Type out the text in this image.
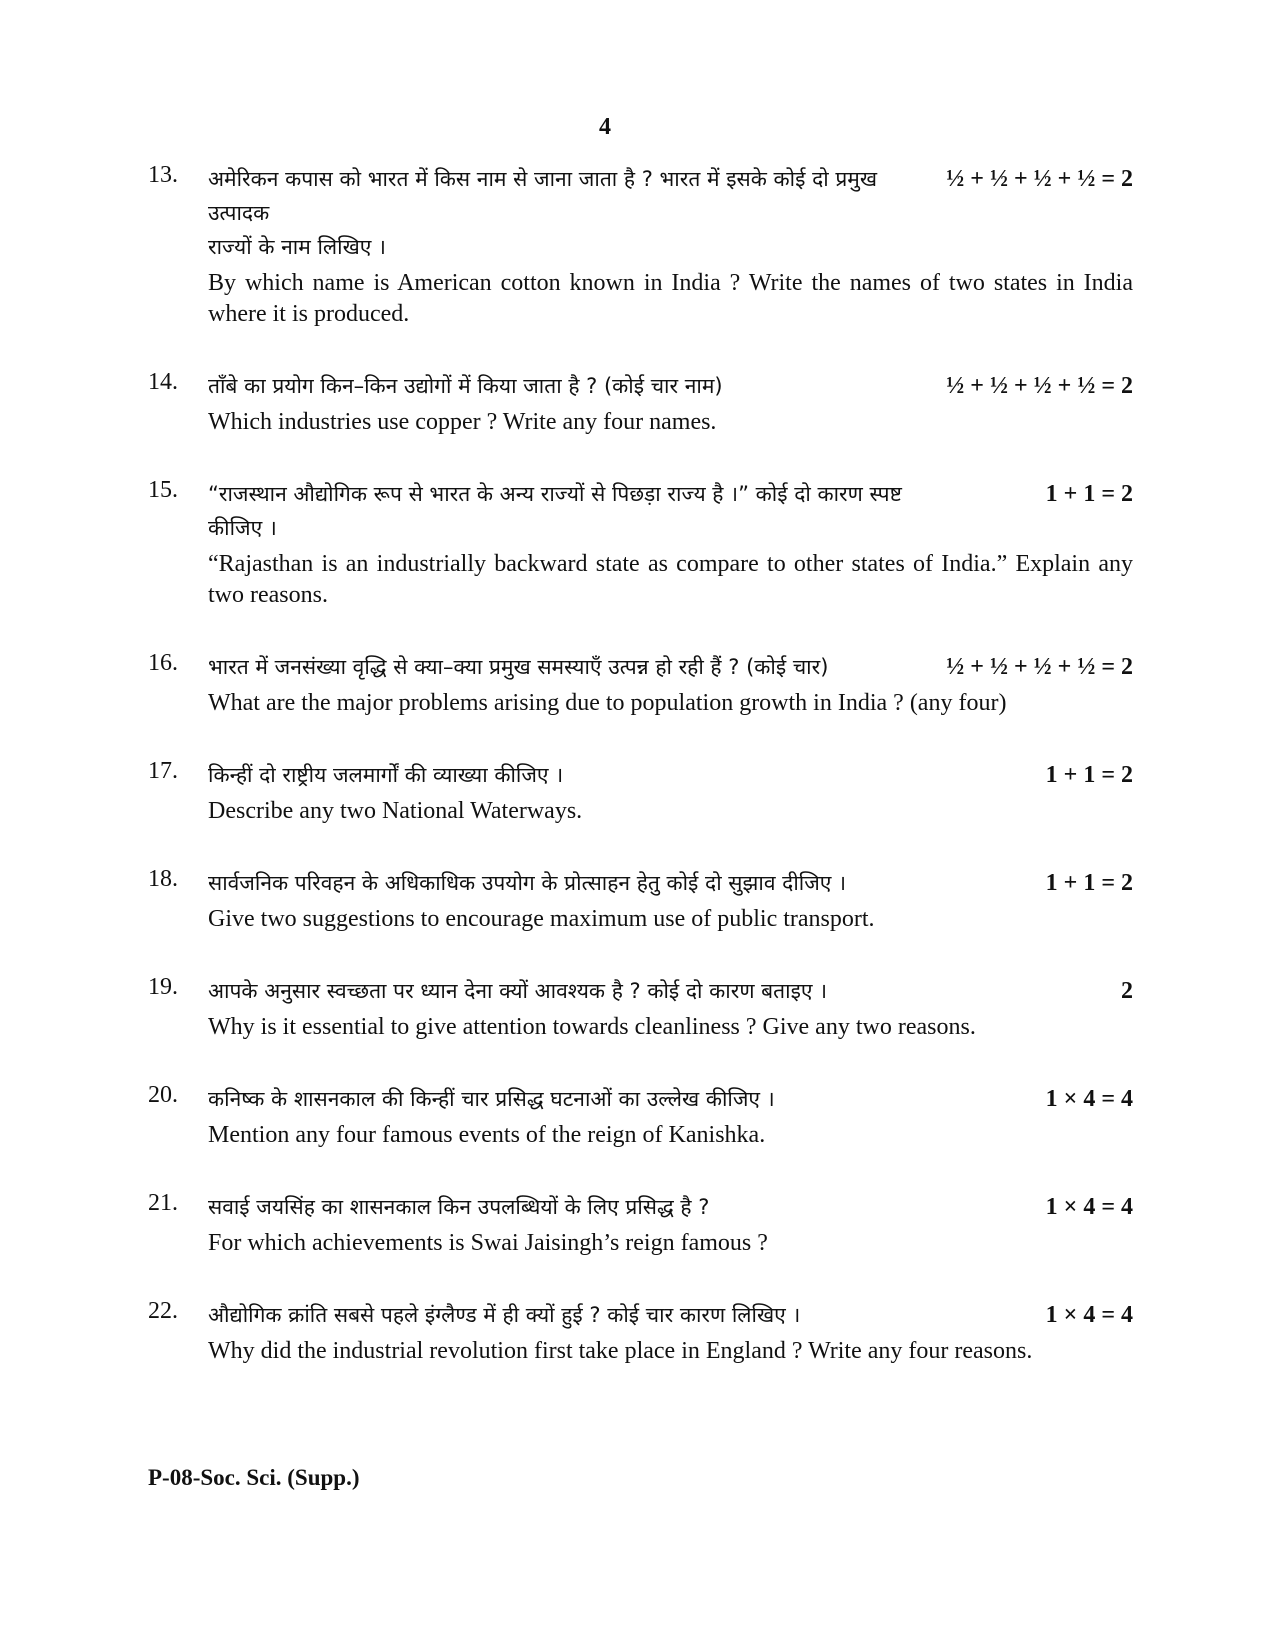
4
13. अमेरिकन कपास को भारत में किस नाम से जाना जाता है ? भारत में इसके कोई दो प्रमुख उत्पादक
राज्यों के नाम लिखिए ।
½ + ½ + ½ + ½ = 2
By which name is American cotton known in India ? Write the names of two states in India where it is produced.
14. ताँबे का प्रयोग किन–किन उद्योगों में किया जाता है ? (कोई चार नाम)	½ + ½ + ½ + ½ = 2
Which industries use copper ? Write any four names.
15. “राजस्थान औद्योगिक रूप से भारत के अन्य राज्यों से पिछड़ा राज्य है ।” कोई दो कारण स्पष्ट
कीजिए ।
1 + 1 = 2
“Rajasthan is an industrially backward state as compare to other states of India.” Explain any two reasons.
16. भारत में जनसंख्या वृद्धि से क्या–क्या प्रमुख समस्याएँ उत्पन्न हो रही हैं ? (कोई चार)	½ + ½ + ½ + ½ = 2
What are the major problems arising due to population growth in India ? (any four)
17. किन्हीं दो राष्ट्रीय जलमार्गों की व्याख्या कीजिए ।	1 + 1 = 2
Describe any two National Waterways.
18. सार्वजनिक परिवहन के अधिकाधिक उपयोग के प्रोत्साहन हेतु कोई दो सुझाव दीजिए ।	1 + 1 = 2
Give two suggestions to encourage maximum use of public transport.
19. आपके अनुसार स्वच्छता पर ध्यान देना क्यों आवश्यक है ? कोई दो कारण बताइए ।	2
Why is it essential to give attention towards cleanliness ? Give any two reasons.
20. कनिष्क के शासनकाल की किन्हीं चार प्रसिद्ध घटनाओं का उल्लेख कीजिए ।	1 × 4 = 4
Mention any four famous events of the reign of Kanishka.
21. सवाई जयसिंह का शासनकाल किन उपलब्धियों के लिए प्रसिद्ध है ?	1 × 4 = 4
For which achievements is Swai Jaisingh’s reign famous ?
22. औद्योगिक क्रांति सबसे पहले इंग्लैण्ड में ही क्यों हुई ? कोई चार कारण लिखिए ।	1 × 4 = 4
Why did the industrial revolution first take place in England ? Write any four reasons.
P-08-Soc. Sci. (Supp.)
